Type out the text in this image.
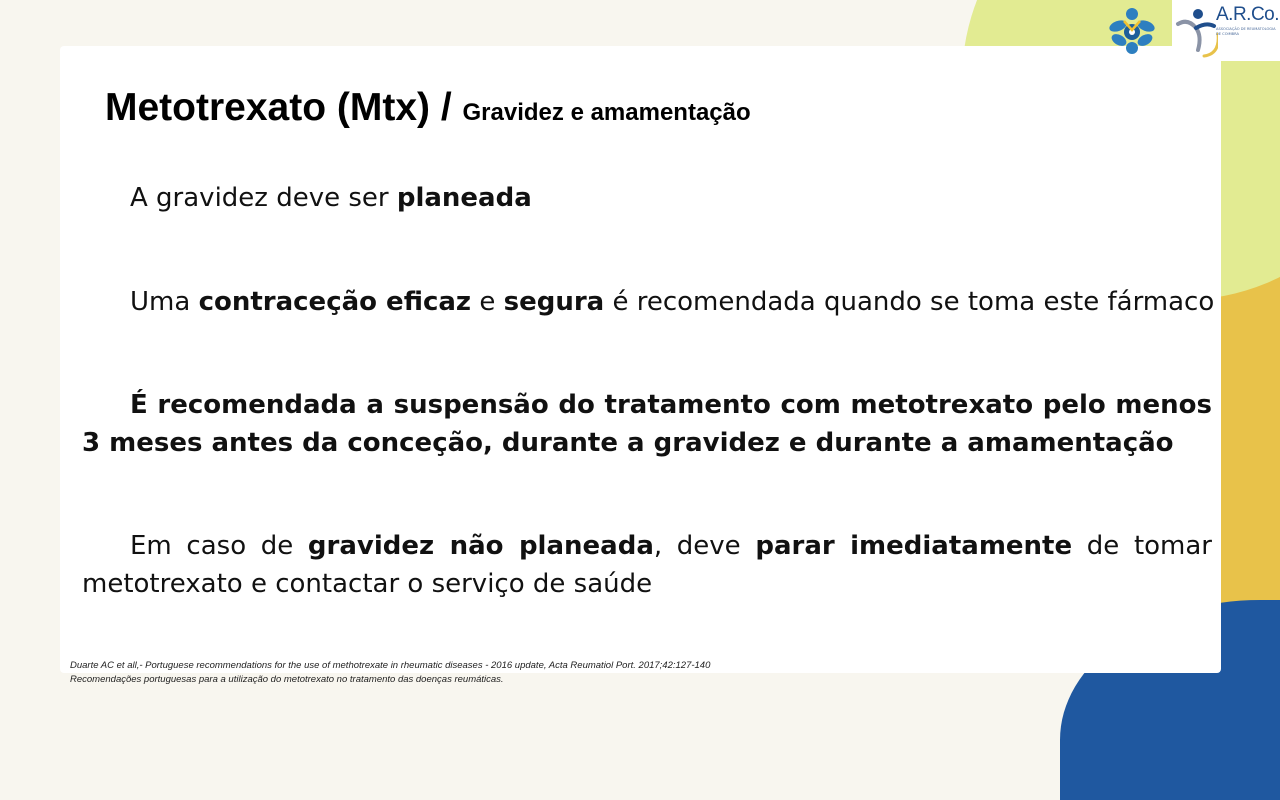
Metotrexato (Mtx) / Gravidez e amamentação

A gravidez deve ser planeada

Uma contraceção eficaz e segura é recomendada quando se toma este fármaco

É recomendada a suspensão do tratamento com metotrexato pelo menos 3 meses antes da conceção, durante a gravidez e durante a amamentação

Em caso de gravidez não planeada, deve parar imediatamente de tomar metotrexato e contactar o serviço de saúde

Duarte AC et all,- Portuguese recommendations for the use of methotrexate in rheumatic diseases - 2016 update, Acta Reumatiol Port. 2017;42:127-140
Recomendações portuguesas para a utilização do metotrexato no tratamento das doenças reumáticas.
A.R.Co.
ASSOCIAÇÃO DE REUMATOLOGIA DE COIMBRA
